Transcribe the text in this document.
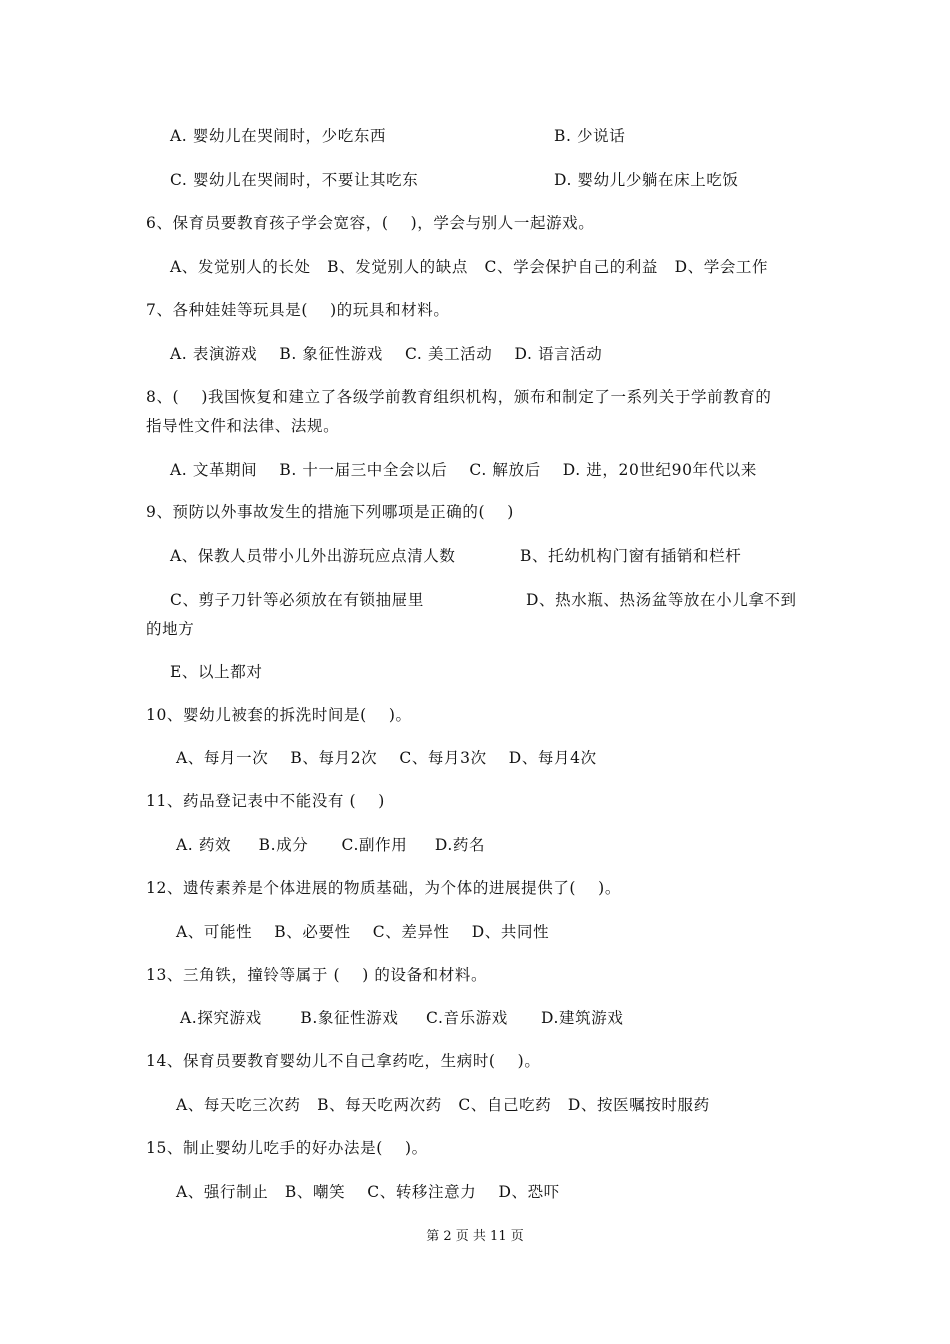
A. 婴幼儿在哭闹时，少吃东西	B. 少说话
C. 婴幼儿在哭闹时，不要让其吃东	D. 婴幼儿少躺在床上吃饭
6、保育员要教育孩子学会宽容，(    )，学会与别人一起游戏。
A、发觉别人的长处   B、发觉别人的缺点   C、学会保护自己的利益   D、学会工作
7、各种娃娃等玩具是(    )的玩具和材料。
A. 表演游戏    B. 象征性游戏    C. 美工活动    D. 语言活动
8、(    )我国恢复和建立了各级学前教育组织机构，颁布和制定了一系列关于学前教育的
指导性文件和法律、法规。
A. 文革期间    B. 十一届三中全会以后    C. 解放后    D. 进，20世纪90年代以来
9、预防以外事故发生的措施下列哪项是正确的(    )
A、保教人员带小儿外出游玩应点清人数	B、托幼机构门窗有插销和栏杆
C、剪子刀针等必须放在有锁抽屉里	D、热水瓶、热汤盆等放在小儿拿不到
的地方
E、以上都对
10、婴幼儿被套的拆洗时间是(    )。
A、每月一次    B、每月2次    C、每月3次    D、每月4次
11、药品登记表中不能没有 (    )
A. 药效     B.成分      C.副作用     D.药名
12、遗传素养是个体进展的物质基础，为个体的进展提供了(    )。
A、可能性    B、必要性    C、差异性    D、共同性
13、三角铁，撞铃等属于 (    ) 的设备和材料。
A.探究游戏       B.象征性游戏     C.音乐游戏      D.建筑游戏
14、保育员要教育婴幼儿不自己拿药吃，生病时(    )。
A、每天吃三次药   B、每天吃两次药   C、自己吃药   D、按医嘱按时服药
15、制止婴幼儿吃手的好办法是(    )。
A、强行制止   B、嘲笑    C、转移注意力    D、恐吓
第 2 页 共 11 页
